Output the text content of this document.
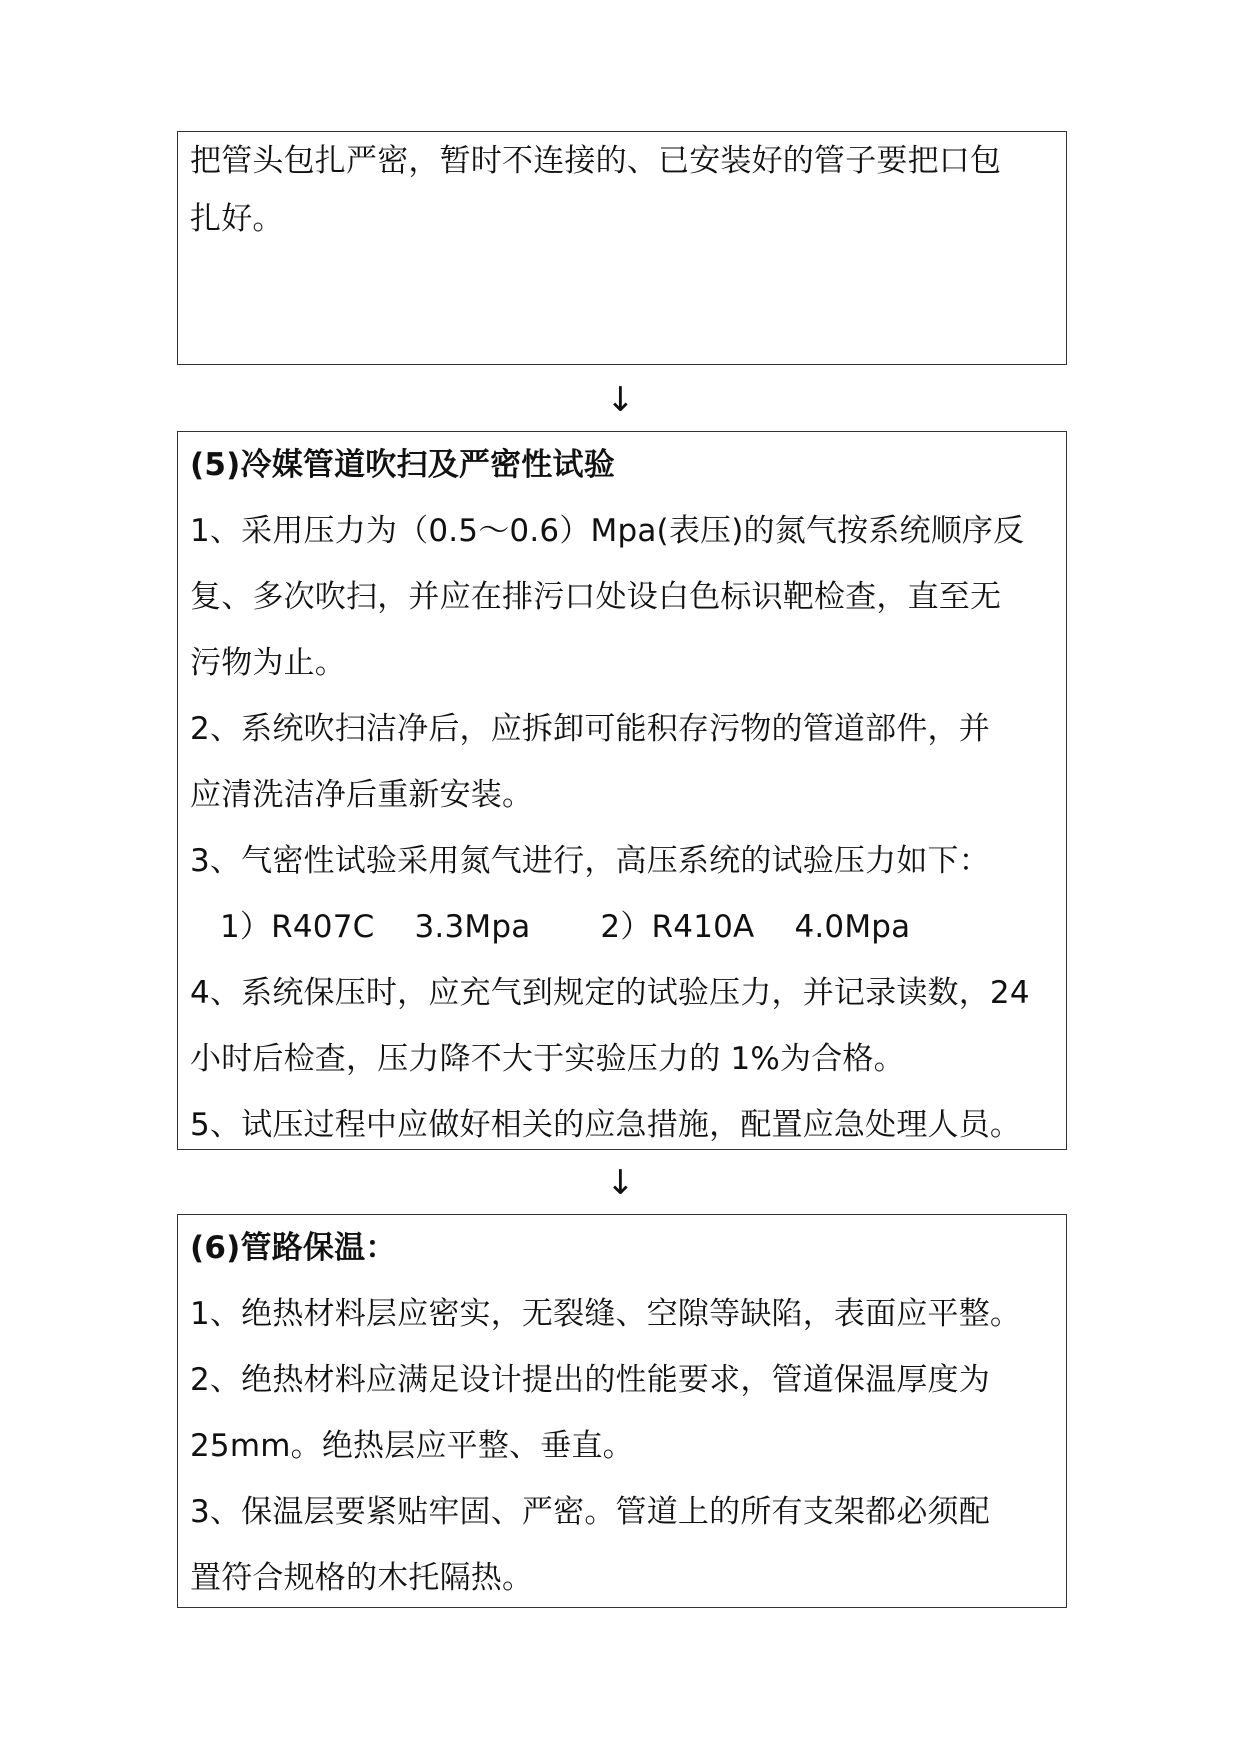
把管头包扎严密，暂时不连接的、已安装好的管子要把口包
扎好。
↓
(5)冷媒管道吹扫及严密性试验
1、采用压力为（0.5～0.6）Mpa(表压)的氮气按系统顺序反
复、多次吹扫，并应在排污口处设白色标识靶检查，直至无
污物为止。
2、系统吹扫洁净后，应拆卸可能积存污物的管道部件，并
应清洗洁净后重新安装。
3、气密性试验采用氮气进行，高压系统的试验压力如下：
1）R407C 3.3Mpa 2）R410A 4.0Mpa
4、系统保压时，应充气到规定的试验压力，并记录读数，24
小时后检查，压力降不大于实验压力的 1%为合格。
5、试压过程中应做好相关的应急措施，配置应急处理人员。
↓
(6)管路保温：
1、绝热材料层应密实，无裂缝、空隙等缺陷，表面应平整。
2、绝热材料应满足设计提出的性能要求，管道保温厚度为
25mm。绝热层应平整、垂直。
3、保温层要紧贴牢固、严密。管道上的所有支架都必须配
置符合规格的木托隔热。
